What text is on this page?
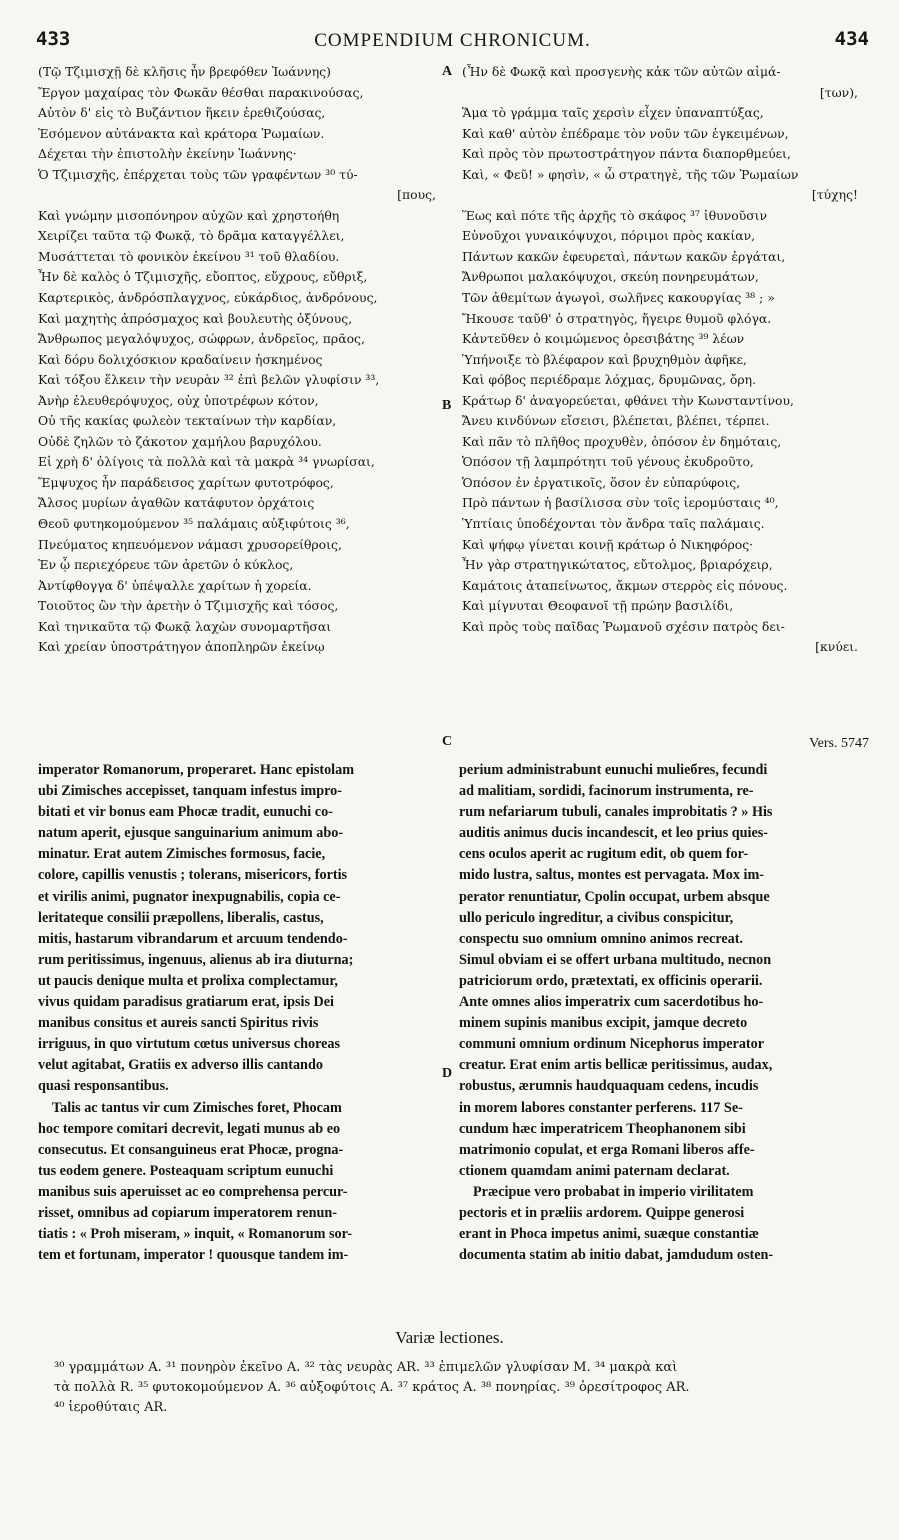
433	COMPENDIUM CHRONICUM.	434
(Τῷ Τζιμισχῇ δὲ κλῆσις ἦν βρεφόθεν Ἰωάννης)
Ἔργον μαχαίρας τὸν Φωκᾶν θέσθαι παρακινούσας,
Αὐτὸν δ' εἰς τὸ Βυζάντιον ἥκειν ἐρεθιζούσας,
Ἐσόμενον αὐτάνακτα καὶ κράτορα Ῥωμαίων.
Δέχεται τὴν ἐπιστολὴν ἐκείνην Ἰωάννης·
Ὁ Τζιμισχῆς, ἐπέρχεται τοὺς τῶν γραφέντων ³⁰ τύ-
[πους,
Καὶ γνώμην μισοπόνηρον αὐχῶν καὶ χρηστοήθη
Χειρίζει ταῦτα τῷ Φωκᾷ, τὸ δρᾶμα καταγγέλλει,
Μυσάττεται τὸ φονικὸν ἐκείνου ³¹ τοῦ θλαδίου.
Ἦν δὲ καλὸς ὁ Τζιμισχῆς, εὔοπτος, εὔχρους, εὔθριξ,
Καρτερικὸς, ἀνδρόσπλαγχνος, εὐκάρδιος, ἀνδρόνους,
Καὶ μαχητὴς ἀπρόσμαχος καὶ βουλευτὴς ὀξύνους,
Ἄνθρωπος μεγαλόψυχος, σώφρων, ἀνδρεῖος, πρᾶος,
Καὶ δόρυ δολιχόσκιον κραδαίνειν ἠσκημένος
Καὶ τόξου ἕλκειν τὴν νευρὰν ³² ἐπὶ βελῶν γλυφίσιν ³³,
Ἀνὴρ ἐλευθερόψυχος, οὐχ ὑποτρέφων κότον,
Οὐ τῆς κακίας φωλεὸν τεκταίνων τὴν καρδίαν,
Οὐδὲ ζηλῶν τὸ ζάκοτον χαμήλου βαρυχόλου.
Εἰ χρὴ δ' ὀλίγοις τὰ πολλὰ καὶ τὰ μακρὰ ³⁴ γνωρίσαι,
Ἔμψυχος ἦν παράδεισος χαρίτων φυτοτρόφος,
Ἄλσος μυρίων ἀγαθῶν κατάφυτον ὀρχάτοις
Θεοῦ φυτηκομούμενον ³⁵ παλάμαις αὐξιφύτοις ³⁶,
Πνεύματος κηπευόμενον νάμασι χρυσορείθροις,
Ἐν ᾧ περιεχόρευε τῶν ἀρετῶν ὁ κύκλος,
Ἀντίφθογγα δ' ὑπέψαλλε χαρίτων ἡ χορεία.
Τοιοῦτος ὢν τὴν ἀρετὴν ὁ Τζιμισχῆς καὶ τόσος,
Καὶ τηνικαῦτα τῷ Φωκᾷ λαχὼν συνομαρτῆσαι
Καὶ χρείαν ὑποστράτηγον ἀποπληρῶν ἐκείνῳ
(Ἦν δὲ Φωκᾷ καὶ προσγενὴς κἀκ τῶν αὐτῶν αἱμά-
[των),
Ἅμα τὸ γράμμα ταῖς χερσὶν εἶχεν ὑπαναπτύξας,
Καὶ καθ' αὐτὸν ἐπέδραμε τὸν νοῦν τῶν ἐγκειμένων,
Καὶ πρὸς τὸν πρωτοστράτηγον πάντα διαπορθμεύει,
Καὶ, « Φεῦ! » φησὶν, « ὦ στρατηγὲ, τῆς τῶν Ῥωμαίων
[τύχης!
Ἕως καὶ πότε τῆς ἀρχῆς τὸ σκάφος ³⁷ ἰθυνοῦσιν
Εὐνοῦχοι γυναικόψυχοι, πόριμοι πρὸς κακίαν,
Πάντων κακῶν ἐφευρεταὶ, πάντων κακῶν ἐργάται,
Ἄνθρωποι μαλακόψυχοι, σκεύη πονηρευμάτων,
Τῶν ἀθεμίτων ἀγωγοὶ, σωλῆνες κακουργίας ³⁸ ; »
Ἤκουσε ταῦθ' ὁ στρατηγὸς, ἤγειρε θυμοῦ φλόγα.
Κἀντεῦθεν ὁ κοιμώμενος ὀρεσιβάτης ³⁹ λέων
Ὑπήνοιξε τὸ βλέφαρον καὶ βρυχηθμὸν ἀφῆκε,
Καὶ φόβος περιέδραμε λόχμας, δρυμῶνας, ὄρη.
Κράτωρ δ' ἀναγορεύεται, φθάνει τὴν Κωνσταντίνου,
Ἄνευ κινδύνων εἴσεισι, βλέπεται, βλέπει, τέρπει.
Καὶ πᾶν τὸ πλῆθος προχυθὲν, ὁπόσον ἐν δημόταις,
Ὁπόσον τῇ λαμπρότητι τοῦ γένους ἐκυδροῦτο,
Ὁπόσον ἐν ἐργατικοῖς, ὅσον ἐν εὐπαρύφοις,
Πρὸ πάντων ἡ βασίλισσα σὺν τοῖς ἱερομύσταις ⁴⁰,
Ὑπτίαις ὑποδέχονται τὸν ἄνδρα ταῖς παλάμαις.
Καὶ ψήφῳ γίνεται κοινῇ κράτωρ ὁ Νικηφόρος·
Ἦν γὰρ στρατηγικώτατος, εὔτολμος, βριαρόχειρ,
Καμάτοις ἀταπείνωτος, ἄκμων στερρὸς εἰς πόνους.
Καὶ μίγνυται Θεοφανοῖ τῇ πρώην βασιλίδι,
Καὶ πρὸς τοὺς παῖδας Ῥωμανοῦ σχέσιν πατρὸς δει-
[κνύει.
A
B
C
D
Vers. 5747
imperator Romanorum, properaret. Hanc epistolam
ubi Zimisches accepisset, tanquam infestus impro-
bitati et vir bonus eam Phocæ tradit, eunuchi co-
natum aperit, ejusque sanguinarium animum abo-
minatur. Erat autem Zimisches formosus, facie,
colore, capillis venustis ; tolerans, misericors, fortis
et virilis animi, pugnator inexpugnabilis, copia ce-
leritateque consilii præpollens, liberalis, castus,
mitis, hastarum vibrandarum et arcuum tendendo-
rum peritissimus, ingenuus, alienus ab ira diuturna;
ut paucis denique multa et prolixa complectamur,
vivus quidam paradisus gratiarum erat, ipsis Dei
manibus consitus et aureis sancti Spiritus rivis
irriguus, in quo virtutum cœtus universus choreas
velut agitabat, Gratiis ex adverso illis cantando
quasi responsantibus.
Talis ac tantus vir cum Zimisches foret, Phocam
hoc tempore comitari decrevit, legati munus ab eo
consecutus. Et consanguineus erat Phocæ, progna-
tus eodem genere. Posteaquam scriptum eunuchi
manibus suis aperuisset ac eo comprehensa percur-
risset, omnibus ad copiarum imperatorem renun-
tiatis : « Proh miseram, » inquit, « Romanorum sor-
tem et fortunam, imperator ! quousque tandem im-
perium administrabunt eunuchi mulieбres, fecundi
ad malitiam, sordidi, facinorum instrumenta, re-
rum nefariarum tubuli, canales improbitatis ? » His
auditis animus ducis incandescit, et leo prius quies-
cens oculos aperit ac rugitum edit, ob quem for-
mido lustra, saltus, montes est pervagata. Mox im-
perator renuntiatur, Cpolin occupat, urbem absque
ullo periculo ingreditur, a civibus conspicitur,
conspectu suo omnium omnino animos recreat.
Simul obviam ei se offert urbana multitudo, necnon
patriciorum ordo, prætextati, ex officinis operarii.
Ante omnes alios imperatrix cum sacerdotibus ho-
minem supinis manibus excipit, jamque decreto
communi omnium ordinum Nicephorus imperator
creatur. Erat enim artis bellicæ peritissimus, audax,
robustus, ærumnis haudquaquam cedens, incudis
in morem labores constanter perferens. 117 Se-
cundum hæc imperatricem Theophanonem sibi
matrimonio copulat, et erga Romani liberos affe-
ctionem quamdam animi paternam declarat.
Præcipue vero probabat in imperio virilitatem
pectoris et in præliis ardorem. Quippe generosi
erant in Phoca impetus animi, suæque constantiæ
documenta statim ab initio dabat, jamdudum osten-
Variæ lectiones.
³⁰ γραμμάτων A. ³¹ πονηρὸν ἐκεῖνο A. ³² τὰς νευρὰς AR. ³³ ἐπιμελῶν γλυφίσαν M. ³⁴ μακρὰ καὶ
τὰ πολλὰ R. ³⁵ φυτοκομούμενον A. ³⁶ αὐξοφύτοις A. ³⁷ κράτος A. ³⁸ πονηρίας. ³⁹ ὀρεσίτροφος AR.
⁴⁰ ἱεροθύταις AR.
